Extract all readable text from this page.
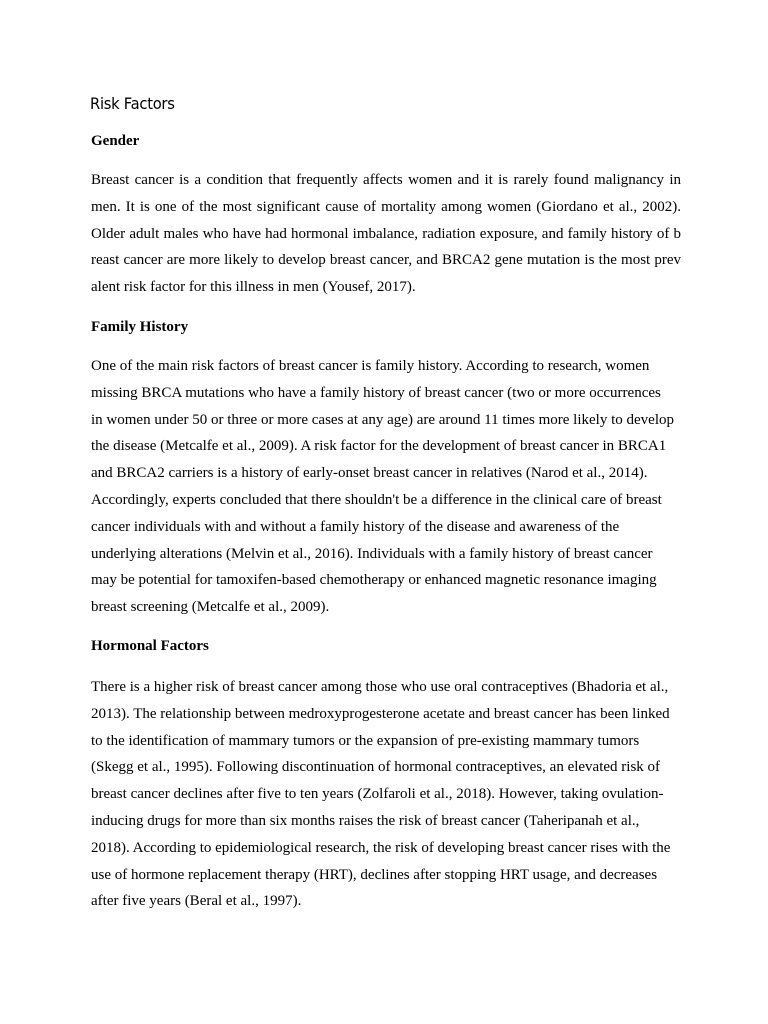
Risk Factors
Gender
Breast cancer is a condition that frequently affects women and it is rarely found malignancy in
men. It is one of the most significant cause of mortality among women (Giordano et al., 2002).
Older adult males who have had hormonal imbalance, radiation exposure, and family history of b
reast cancer are more likely to develop breast cancer, and BRCA2 gene mutation is the most prev
alent risk factor for this illness in men (Yousef, 2017).
Family History
One of the main risk factors of breast cancer is family history. According to research, women
missing BRCA mutations who have a family history of breast cancer (two or more occurrences
in women under 50 or three or more cases at any age) are around 11 times more likely to develop
the disease (Metcalfe et al., 2009). A risk factor for the development of breast cancer in BRCA1
and BRCA2 carriers is a history of early-onset breast cancer in relatives (Narod et al., 2014).
Accordingly, experts concluded that there shouldn't be a difference in the clinical care of breast
cancer individuals with and without a family history of the disease and awareness of the
underlying alterations (Melvin et al., 2016). Individuals with a family history of breast cancer
may be potential for tamoxifen-based chemotherapy or enhanced magnetic resonance imaging
breast screening (Metcalfe et al., 2009).
Hormonal Factors
There is a higher risk of breast cancer among those who use oral contraceptives (Bhadoria et al.,
2013). The relationship between medroxyprogesterone acetate and breast cancer has been linked
to the identification of mammary tumors or the expansion of pre-existing mammary tumors
(Skegg et al., 1995). Following discontinuation of hormonal contraceptives, an elevated risk of
breast cancer declines after five to ten years (Zolfaroli et al., 2018). However, taking ovulation-
inducing drugs for more than six months raises the risk of breast cancer (Taheripanah et al.,
2018). According to epidemiological research, the risk of developing breast cancer rises with the
use of hormone replacement therapy (HRT), declines after stopping HRT usage, and decreases
after five years (Beral et al., 1997).
